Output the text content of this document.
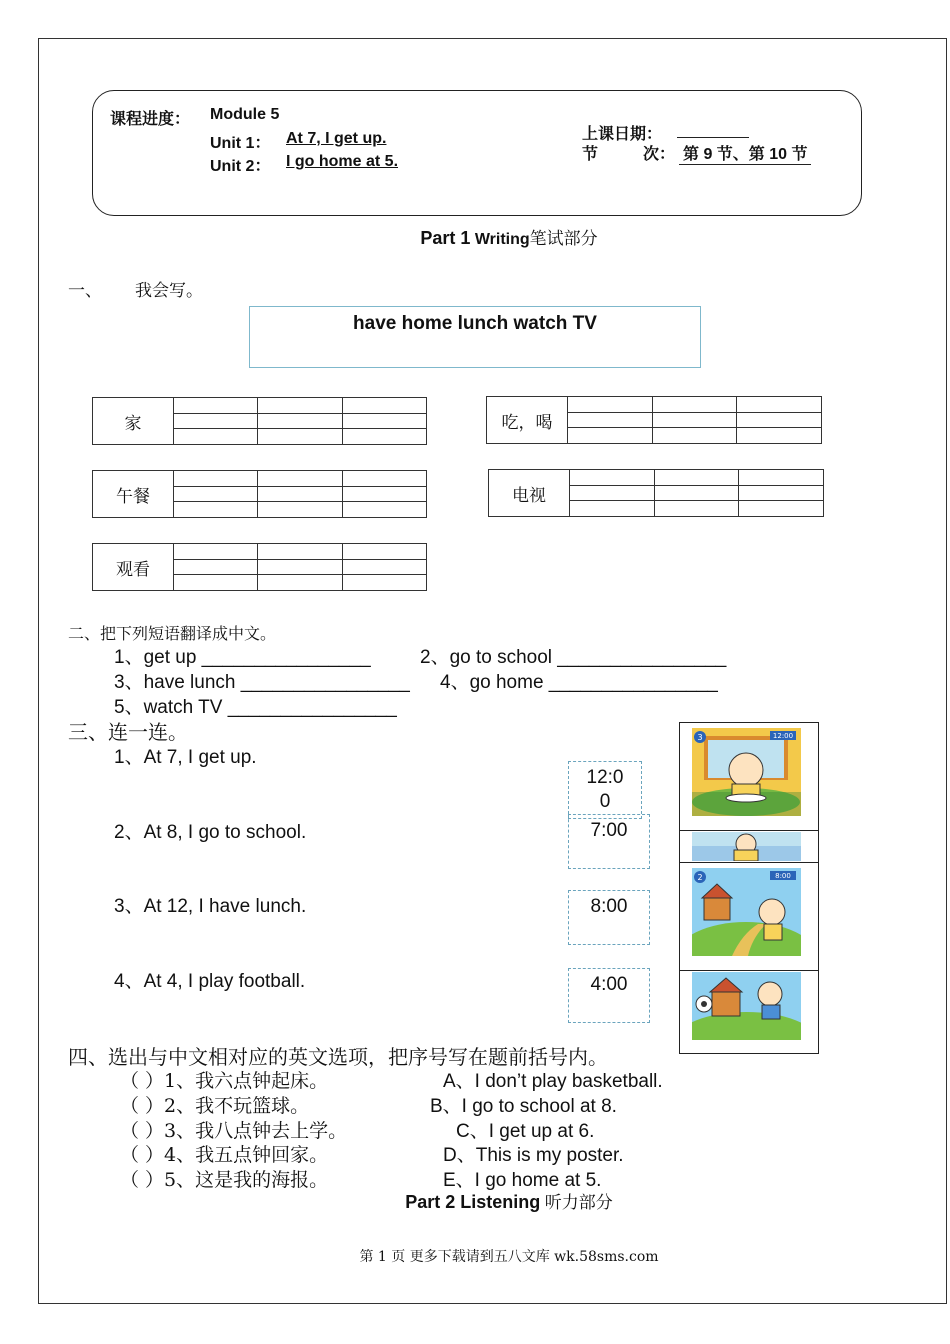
课程进度： Module 5
Unit 1： At 7, I get up.
Unit 2： I go home at 5.
上课日期：
节	次： 第 9 节、第 10 节
Part 1 Writing笔试部分
一、 我会写。
have home lunch watch TV
家			

			吃，喝			

午餐			

			电视			

观看			

二、把下列短语翻译成中文。
1、get up ________________	2、go to school ________________
3、have lunch ________________ 4、go home ________________
5、watch TV ________________
三、连一连。
1、At 7, I get up.
2、At 8, I go to school.
3、At 12, I have lunch.
4、At 4, I play football.
12:0
0
7:00
8:00
4:00
3	12:00
2	8:00
四、选出与中文相对应的英文选项，把序号写在题前括号内。
（ ）1、我六点钟起床。
（ ）2、我不玩篮球。
（ ）3、我八点钟去上学。
（ ）4、我五点钟回家。
（ ）5、这是我的海报。
A、I don’t play basketball.
B、I go to school at 8.
C、I get up at 6.
D、This is my poster.
E、I go home at 5.
Part 2 Listening 听力部分
第 1 页 更多下载请到五八文库 wk.58sms.com
